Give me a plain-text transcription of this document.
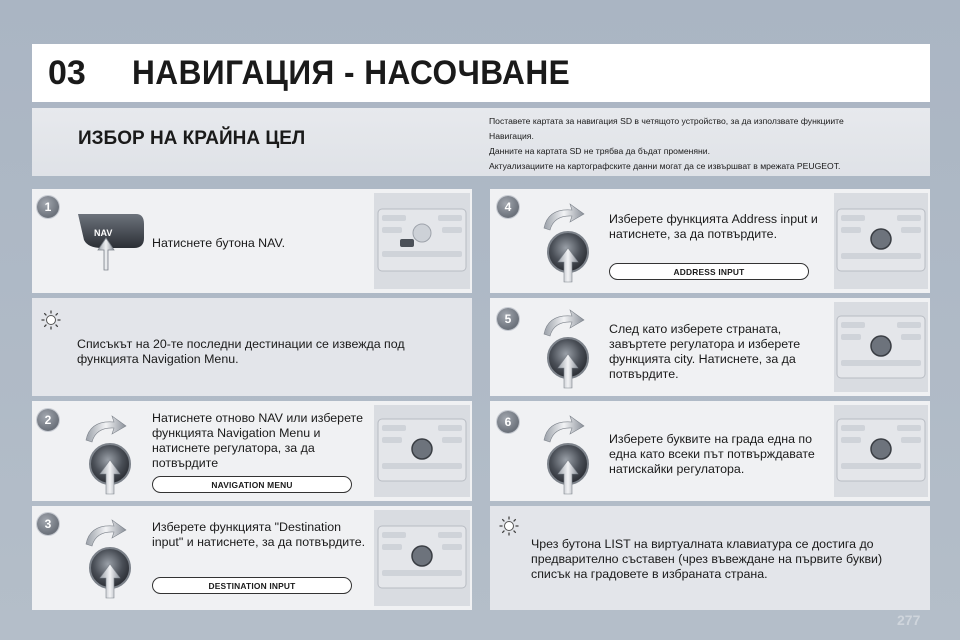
03 НАВИГАЦИЯ - НАСОЧВАНЕ
ИЗБОР НА КРАЙНА ЦЕЛ
Поставете картата за навигация SD в четящото устройство, за да използвате функциите
Навигация.
Данните на картата SD не трябва да бъдат променяни.
Актуализациите на картографските данни могат да се извършват в мрежата PEUGEOT.
1
NAV
Натиснете бутона NAV.
Списъкът на 20-те последни дестинации се извежда под функцията Navigation Menu.
2	Натиснете отново NAV или изберете функцията Navigation Menu и натиснете регулатора, за да потвърдите
NAVIGATION MENU
3	Изберете функцията "Destination input" и натиснете, за да потвърдите.
DESTINATION INPUT
4
Изберете функцията Address input и натиснете, за да потвърдите.
ADDRESS INPUT
5
След като изберете страната, завъртете регулатора и изберете функцията city. Натиснете, за да потвърдите.
6
Изберете буквите на града една по една като всеки път потвърждавате натискайки регулатора.
Чрез бутона LIST на виртуалната клавиатура се достига до предварително съставен (чрез въвеждане на първите букви) списък на градовете в избраната страна.
277
